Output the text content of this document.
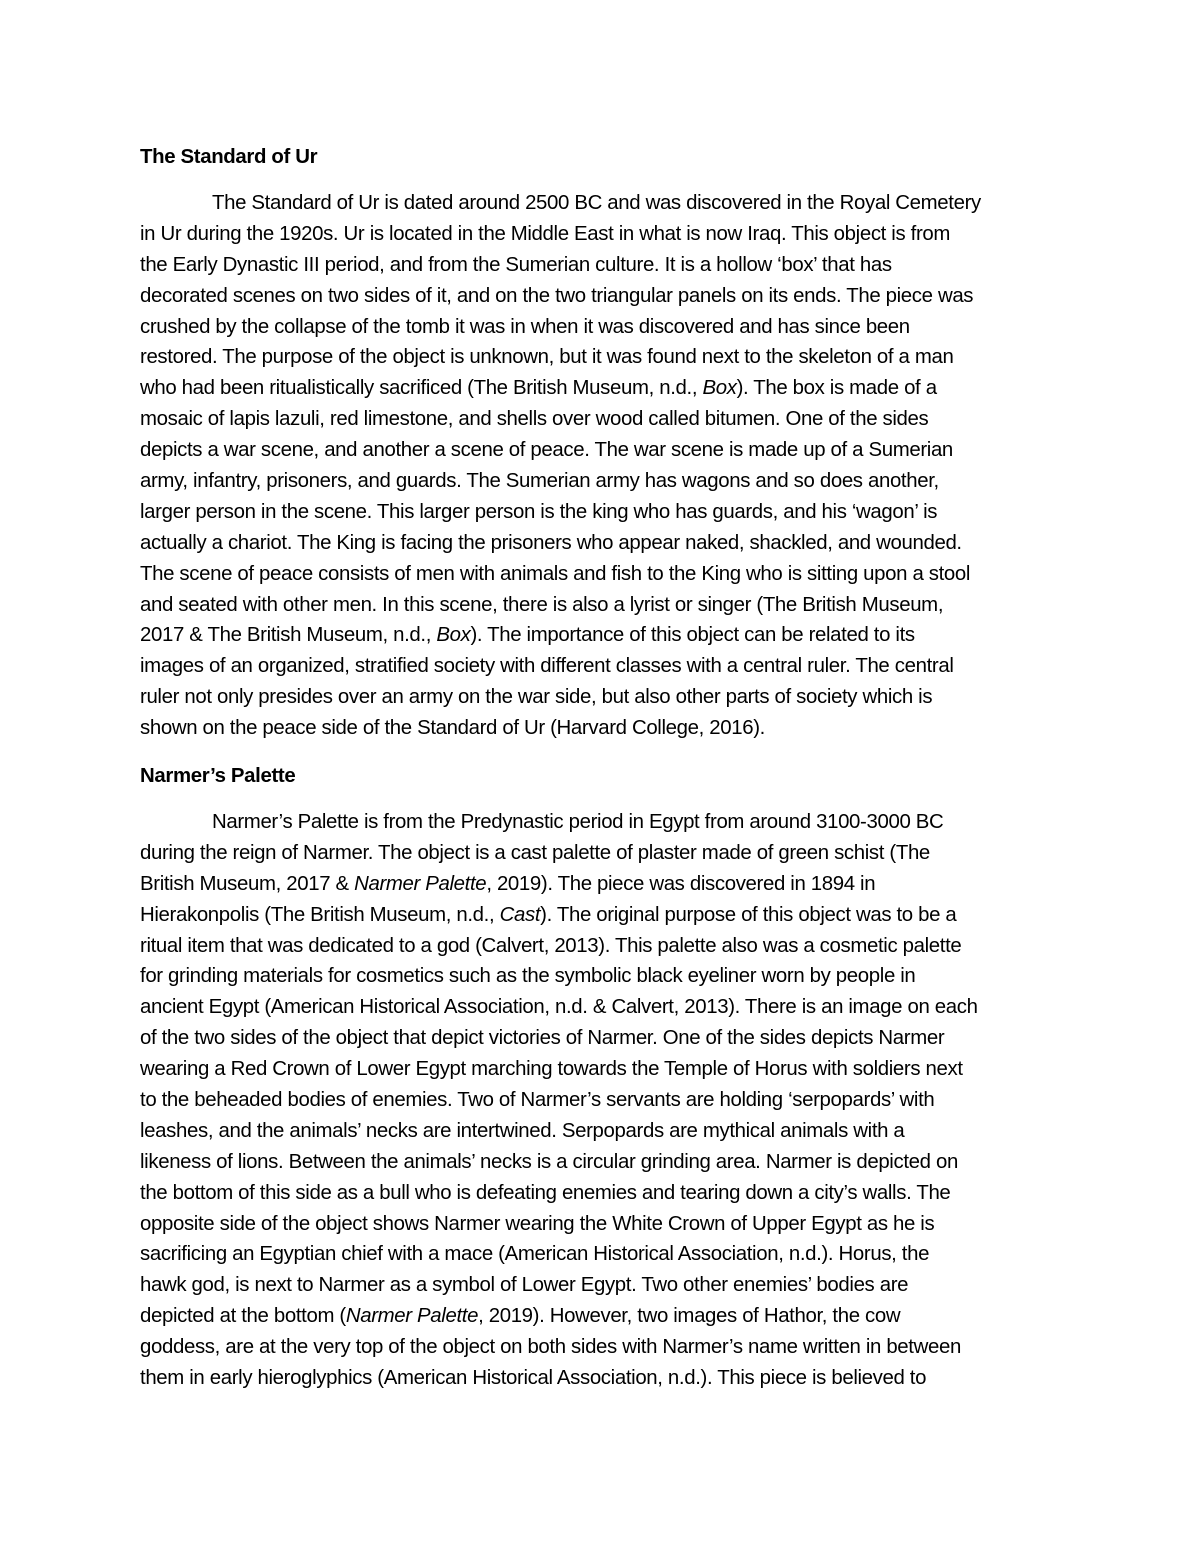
The Standard of Ur
The Standard of Ur is dated around 2500 BC and was discovered in the Royal Cemetery
in Ur during the 1920s. Ur is located in the Middle East in what is now Iraq. This object is from
the Early Dynastic III period, and from the Sumerian culture. It is a hollow ‘box’ that has
decorated scenes on two sides of it, and on the two triangular panels on its ends. The piece was
crushed by the collapse of the tomb it was in when it was discovered and has since been
restored. The purpose of the object is unknown, but it was found next to the skeleton of a man
who had been ritualistically sacrificed (The British Museum, n.d., Box). The box is made of a
mosaic of lapis lazuli, red limestone, and shells over wood called bitumen. One of the sides
depicts a war scene, and another a scene of peace. The war scene is made up of a Sumerian
army, infantry, prisoners, and guards. The Sumerian army has wagons and so does another,
larger person in the scene. This larger person is the king who has guards, and his ‘wagon’ is
actually a chariot. The King is facing the prisoners who appear naked, shackled, and wounded.
The scene of peace consists of men with animals and fish to the King who is sitting upon a stool
and seated with other men. In this scene, there is also a lyrist or singer (The British Museum,
2017 & The British Museum, n.d., Box). The importance of this object can be related to its
images of an organized, stratified society with different classes with a central ruler. The central
ruler not only presides over an army on the war side, but also other parts of society which is
shown on the peace side of the Standard of Ur (Harvard College, 2016).
Narmer’s Palette
Narmer’s Palette is from the Predynastic period in Egypt from around 3100-3000 BC
during the reign of Narmer. The object is a cast palette of plaster made of green schist (The
British Museum, 2017 & Narmer Palette, 2019). The piece was discovered in 1894 in
Hierakonpolis (The British Museum, n.d., Cast). The original purpose of this object was to be a
ritual item that was dedicated to a god (Calvert, 2013). This palette also was a cosmetic palette
for grinding materials for cosmetics such as the symbolic black eyeliner worn by people in
ancient Egypt (American Historical Association, n.d. & Calvert, 2013). There is an image on each
of the two sides of the object that depict victories of Narmer. One of the sides depicts Narmer
wearing a Red Crown of Lower Egypt marching towards the Temple of Horus with soldiers next
to the beheaded bodies of enemies. Two of Narmer’s servants are holding ‘serpopards’ with
leashes, and the animals’ necks are intertwined. Serpopards are mythical animals with a
likeness of lions. Between the animals’ necks is a circular grinding area. Narmer is depicted on
the bottom of this side as a bull who is defeating enemies and tearing down a city’s walls. The
opposite side of the object shows Narmer wearing the White Crown of Upper Egypt as he is
sacrificing an Egyptian chief with a mace (American Historical Association, n.d.). Horus, the
hawk god, is next to Narmer as a symbol of Lower Egypt. Two other enemies’ bodies are
depicted at the bottom (Narmer Palette, 2019). However, two images of Hathor, the cow
goddess, are at the very top of the object on both sides with Narmer’s name written in between
them in early hieroglyphics (American Historical Association, n.d.). This piece is believed to
